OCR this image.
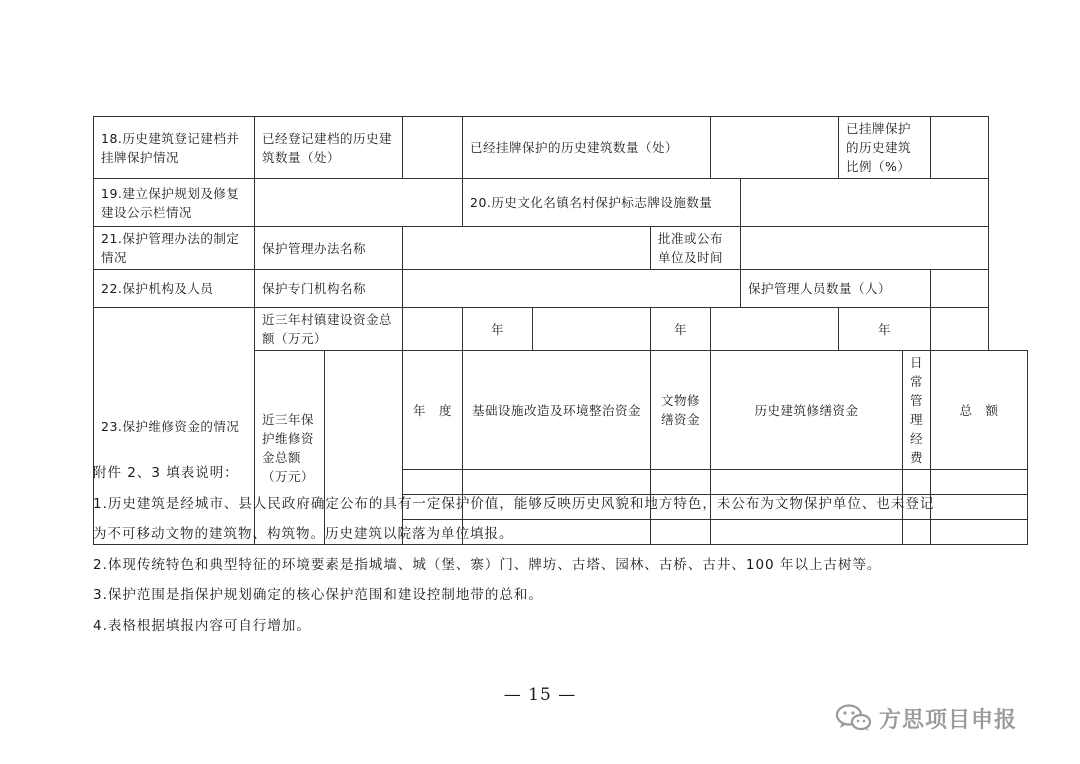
18.历史建筑登记建档并挂牌保护情况	已经登记建档的历史建筑数量（处）			已经挂牌保护的历史建筑数量（处）					已挂牌保护的历史建筑比例（%）		
19.建立保护规划及修复建设公示栏情况				20.历史文化名镇名村保护标志牌设施数量							
21.保护管理办法的制定情况	保护管理办法名称					批准或公布单位及时间					
22.保护机构及人员	保护专门机构名称							保护管理人员数量（人）			
23.保护维修资金的情况	近三年村镇建设资金总额（万元）			年		年			年		
	近三年保护维修资金总额（万元）		年　度	基础设施改造及环境整治资金		文物修缮资金	历史建筑修缮资金			日常管理经费	总　额

附件 2、3 填表说明：
1.历史建筑是经城市、县人民政府确定公布的具有一定保护价值，能够反映历史风貌和地方特色，未公布为文物保护单位、也未登记
为不可移动文物的建筑物、构筑物。历史建筑以院落为单位填报。
2.体现传统特色和典型特征的环境要素是指城墙、城（堡、寨）门、牌坊、古塔、园林、古桥、古井、100 年以上古树等。
3.保护范围是指保护规划确定的核心保护范围和建设控制地带的总和。
4.表格根据填报内容可自行增加。
— 15 —
方思项目申报
